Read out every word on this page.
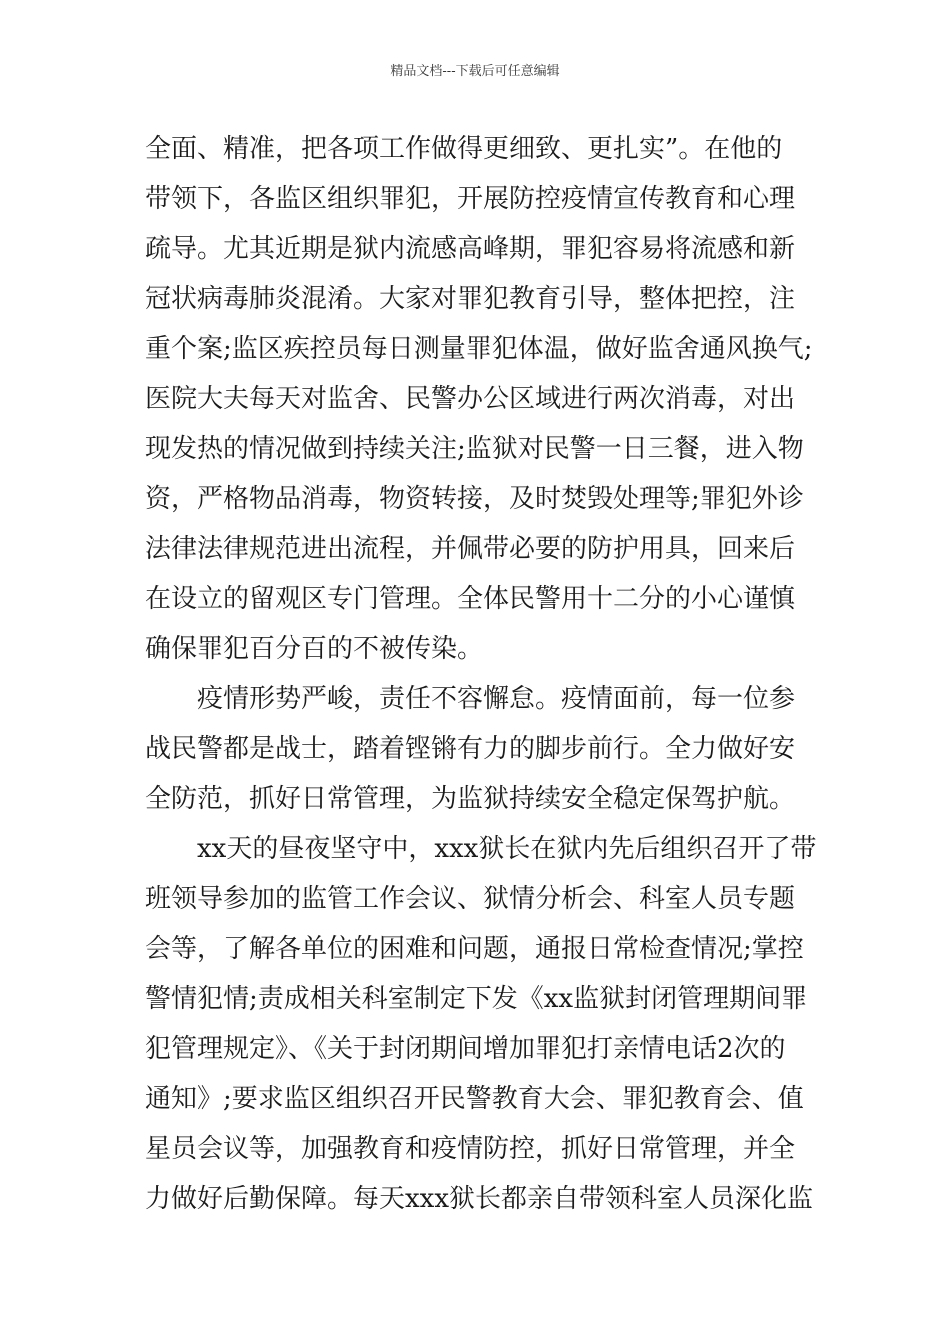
精品文档---下载后可任意编辑
全面、精准，把各项工作做得更细致、更扎实”。在他的
带领下，各监区组织罪犯，开展防控疫情宣传教育和心理
疏导。尤其近期是狱内流感高峰期，罪犯容易将流感和新
冠状病毒肺炎混淆。大家对罪犯教育引导，整体把控，注
重个案;监区疾控员每日测量罪犯体温，做好监舍通风换气;
医院大夫每天对监舍、民警办公区域进行两次消毒，对出
现发热的情况做到持续关注;监狱对民警一日三餐，进入物
资，严格物品消毒，物资转接，及时焚毁处理等;罪犯外诊
法律法律规范进出流程，并佩带必要的防护用具，回来后
在设立的留观区专门管理。全体民警用十二分的小心谨慎
确保罪犯百分百的不被传染。
疫情形势严峻，责任不容懈怠。疫情面前，每一位参
战民警都是战士，踏着铿锵有力的脚步前行。全力做好安
全防范，抓好日常管理，为监狱持续安全稳定保驾护航。
xx天的昼夜坚守中，xxx狱长在狱内先后组织召开了带
班领导参加的监管工作会议、狱情分析会、科室人员专题
会等，了解各单位的困难和问题，通报日常检查情况;掌控
警情犯情;责成相关科室制定下发《xx监狱封闭管理期间罪
犯管理规定》、《关于封闭期间增加罪犯打亲情电话2次的
通知》;要求监区组织召开民警教育大会、罪犯教育会、值
星员会议等，加强教育和疫情防控，抓好日常管理，并全
力做好后勤保障。每天xxx狱长都亲自带领科室人员深化监
